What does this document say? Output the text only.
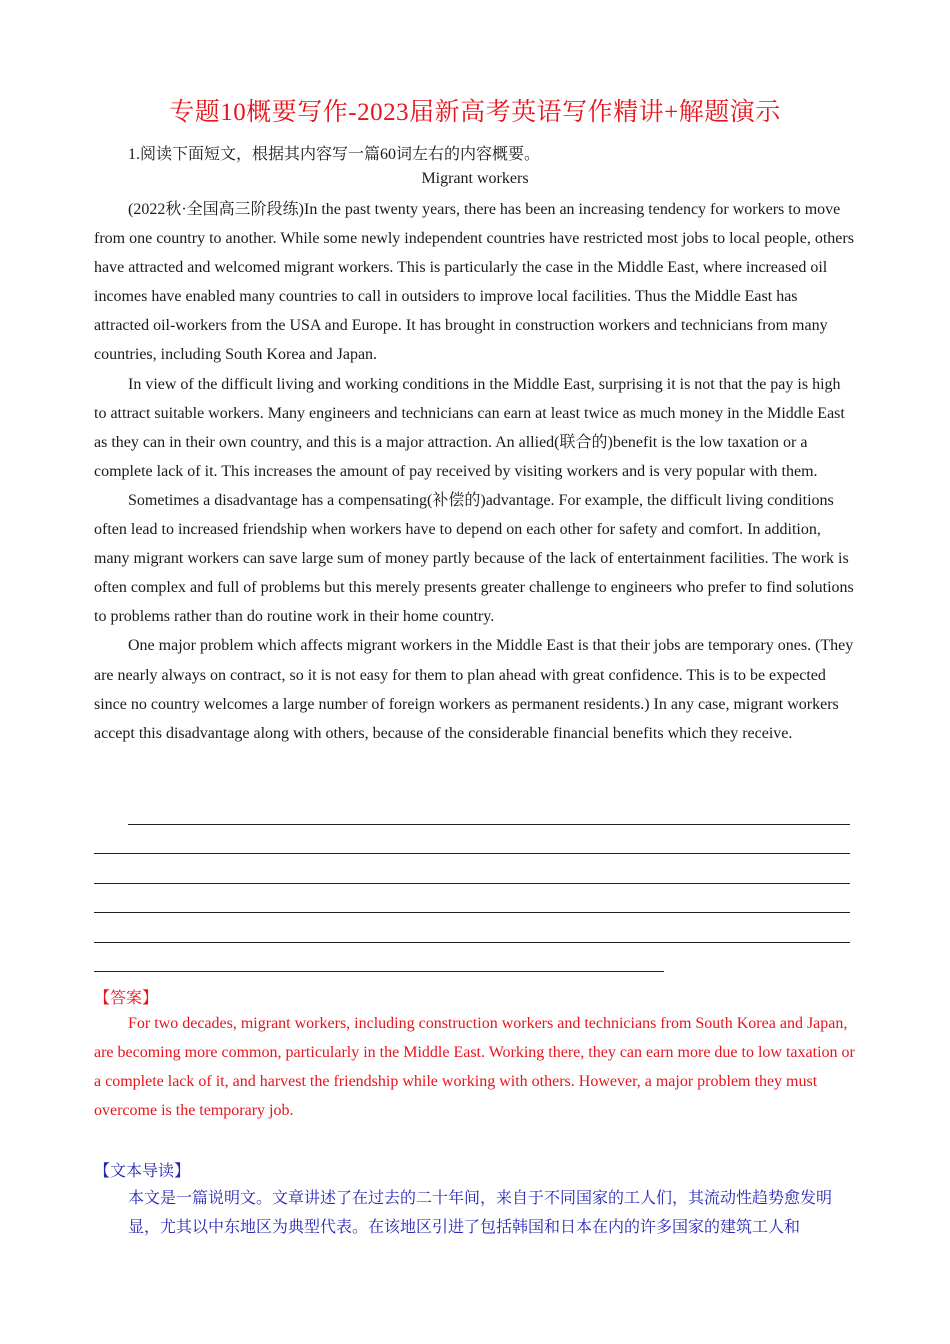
专题10概要写作-2023届新高考英语写作精讲+解题演示
1.阅读下面短文，根据其内容写一篇60词左右的内容概要。
Migrant workers

(2022秋·全国高三阶段练)In the past twenty years, there has been an increasing tendency for workers to move from one country to another. While some newly independent countries have restricted most jobs to local people, others have attracted and welcomed migrant workers. This is particularly the case in the Middle East, where increased oil incomes have enabled many countries to call in outsiders to improve local facilities. Thus the Middle East has attracted oil-workers from the USA and Europe. It has brought in construction workers and technicians from many countries, including South Korea and Japan.

In view of the difficult living and working conditions in the Middle East, surprising it is not that the pay is high to attract suitable workers. Many engineers and technicians can earn at least twice as much money in the Middle East as they can in their own country, and this is a major attraction. An allied(联合的)benefit is the low taxation or a complete lack of it. This increases the amount of pay received by visiting workers and is very popular with them.

Sometimes a disadvantage has a compensating(补偿的)advantage. For example, the difficult living conditions often lead to increased friendship when workers have to depend on each other for safety and comfort. In addition, many migrant workers can save large sum of money partly because of the lack of entertainment facilities. The work is often complex and full of problems but this merely presents greater challenge to engineers who prefer to find solutions to problems rather than do routine work in their home country.

One major problem which affects migrant workers in the Middle East is that their jobs are temporary ones. (They are nearly always on contract, so it is not easy for them to plan ahead with great confidence. This is to be expected since no country welcomes a large number of foreign workers as permanent residents.) In any case, migrant workers accept this disadvantage along with others, because of the considerable financial benefits which they receive.

【答案】
For two decades, migrant workers, including construction workers and technicians from South Korea and Japan, are becoming more common, particularly in the Middle East. Working there, they can earn more due to low taxation or a complete lack of it, and harvest the friendship while working with others. However, a major problem they must overcome is the temporary job.
【文本导读】
本文是一篇说明文。文章讲述了在过去的二十年间，来自于不同国家的工人们，其流动性趋势愈发明显，尤其以中东地区为典型代表。在该地区引进了包括韩国和日本在内的许多国家的建筑工人和
